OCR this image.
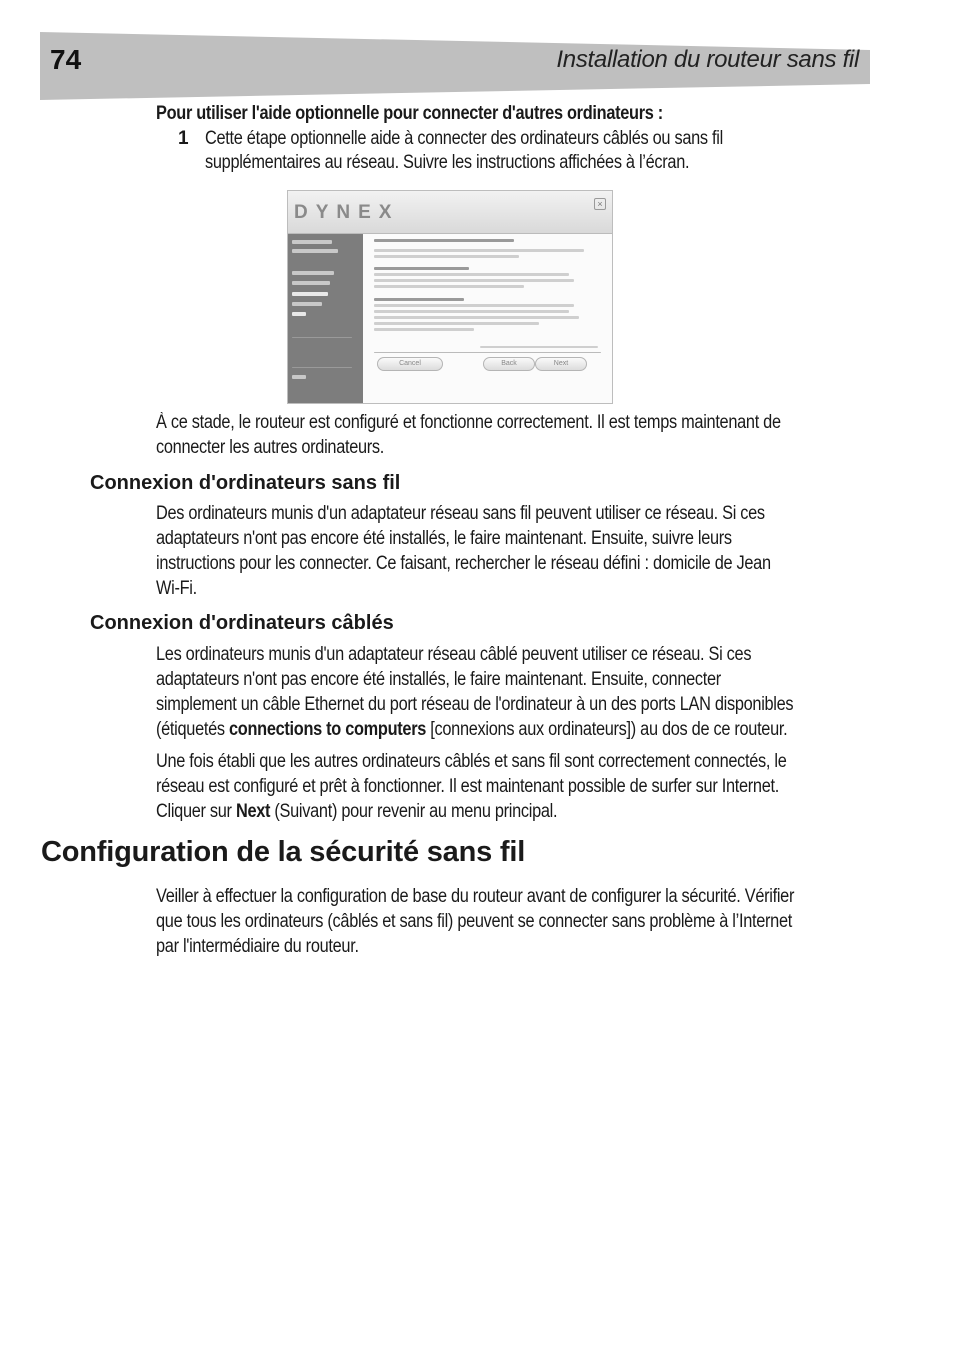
74	Installation du routeur sans fil
Pour utiliser l'aide optionnelle pour connecter d'autres ordinateurs :
1 Cette étape optionnelle aide à connecter des ordinateurs câblés ou sans fil
supplémentaires au réseau. Suivre les instructions affichées à l’écran.
DYNEX	×
Cancel	Back	Next
À ce stade, le routeur est configuré et fonctionne correctement. Il est temps maintenant de
connecter les autres ordinateurs.
Connexion d'ordinateurs sans fil
Des ordinateurs munis d'un adaptateur réseau sans fil peuvent utiliser ce réseau. Si ces
adaptateurs n'ont pas encore été installés, le faire maintenant. Ensuite, suivre leurs
instructions pour les connecter. Ce faisant, rechercher le réseau défini : domicile de Jean
Wi-Fi.
Connexion d'ordinateurs câblés
Les ordinateurs munis d'un adaptateur réseau câblé peuvent utiliser ce réseau. Si ces
adaptateurs n'ont pas encore été installés, le faire maintenant. Ensuite, connecter
simplement un câble Ethernet du port réseau de l'ordinateur à un des ports LAN disponibles
(étiquetés connections to computers [connexions aux ordinateurs]) au dos de ce routeur.
Une fois établi que les autres ordinateurs câblés et sans fil sont correctement connectés, le
réseau est configuré et prêt à fonctionner. Il est maintenant possible de surfer sur Internet.
Cliquer sur Next (Suivant) pour revenir au menu principal.
Configuration de la sécurité sans fil
Veiller à effectuer la configuration de base du routeur avant de configurer la sécurité. Vérifier
que tous les ordinateurs (câblés et sans fil) peuvent se connecter sans problème à l’Internet
par l'intermédiaire du routeur.
